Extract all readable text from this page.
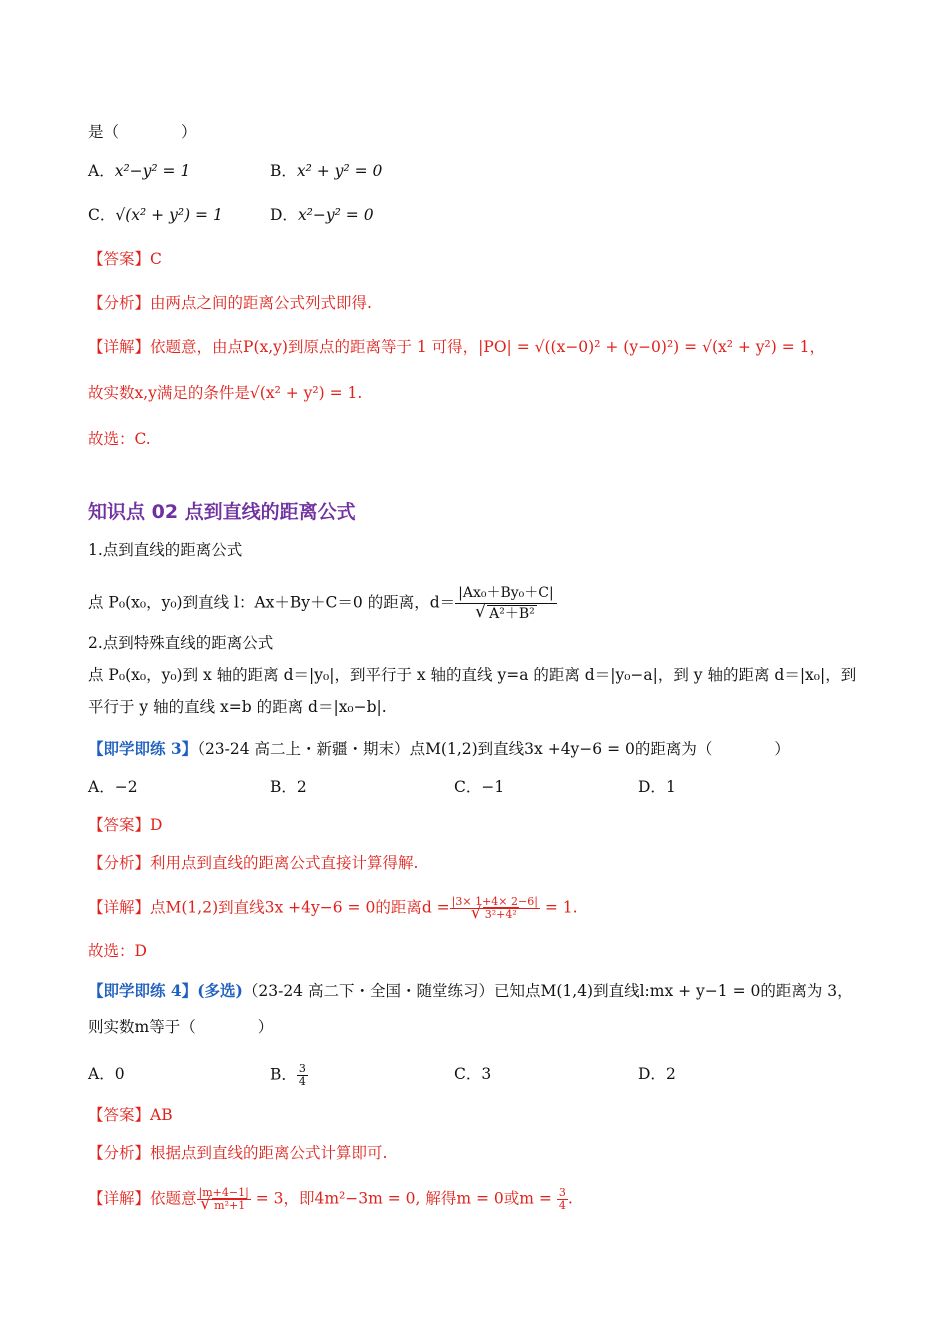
是（　　　　）
A．x²−y² = 1	B．x² + y² = 0
C．√(x² + y²) = 1	D．x²−y² = 0
【答案】C
【分析】由两点之间的距离公式列式即得.
【详解】依题意，由点P(x,y)到原点的距离等于 1 可得，|PO| = √((x−0)² + (y−0)²) = √(x² + y²) = 1，
故实数x,y满足的条件是√(x² + y²) = 1.
故选：C.
知识点 02 点到直线的距离公式
1.点到直线的距离公式
点 P₀(x₀，y₀)到直线 l：Ax＋By＋C＝0 的距离，d＝ |Ax₀＋By₀＋C|
√ A²＋B²
2.点到特殊直线的距离公式
点 P₀(x₀，y₀)到 x 轴的距离 d＝|y₀|，到平行于 x 轴的直线 y=a 的距离 d＝|y₀−a|，到 y 轴的距离 d＝|x₀|，到
平行于 y 轴的直线 x=b 的距离 d＝|x₀−b|.
【即学即练 3】（23-24 高二上・新疆・期末）点M(1,2)到直线3x +4y−6 = 0的距离为（　　　　）
A．−2	B．2	C．−1	D．1
【答案】D
【分析】利用点到直线的距离公式直接计算得解.
【详解】点M(1,2)到直线3x +4y−6 = 0的距离d = |3× 1+4× 2−6|
√ 3²+4² = 1.
故选：D
【即学即练 4】(多选)（23-24 高二下・全国・随堂练习）已知点M(1,4)到直线l:mx + y−1 = 0的距离为 3，
则实数m等于（　　　　）
A．0	B． $\frac{3}{4}$	C．3	D．2
【答案】AB
【分析】根据点到直线的距离公式计算即可.
【详解】依题意 |m+4−1|
√ m²+1 = 3，即4m²−3m = 0, 解得m = 0或$m = \frac{3}{4}$ .
